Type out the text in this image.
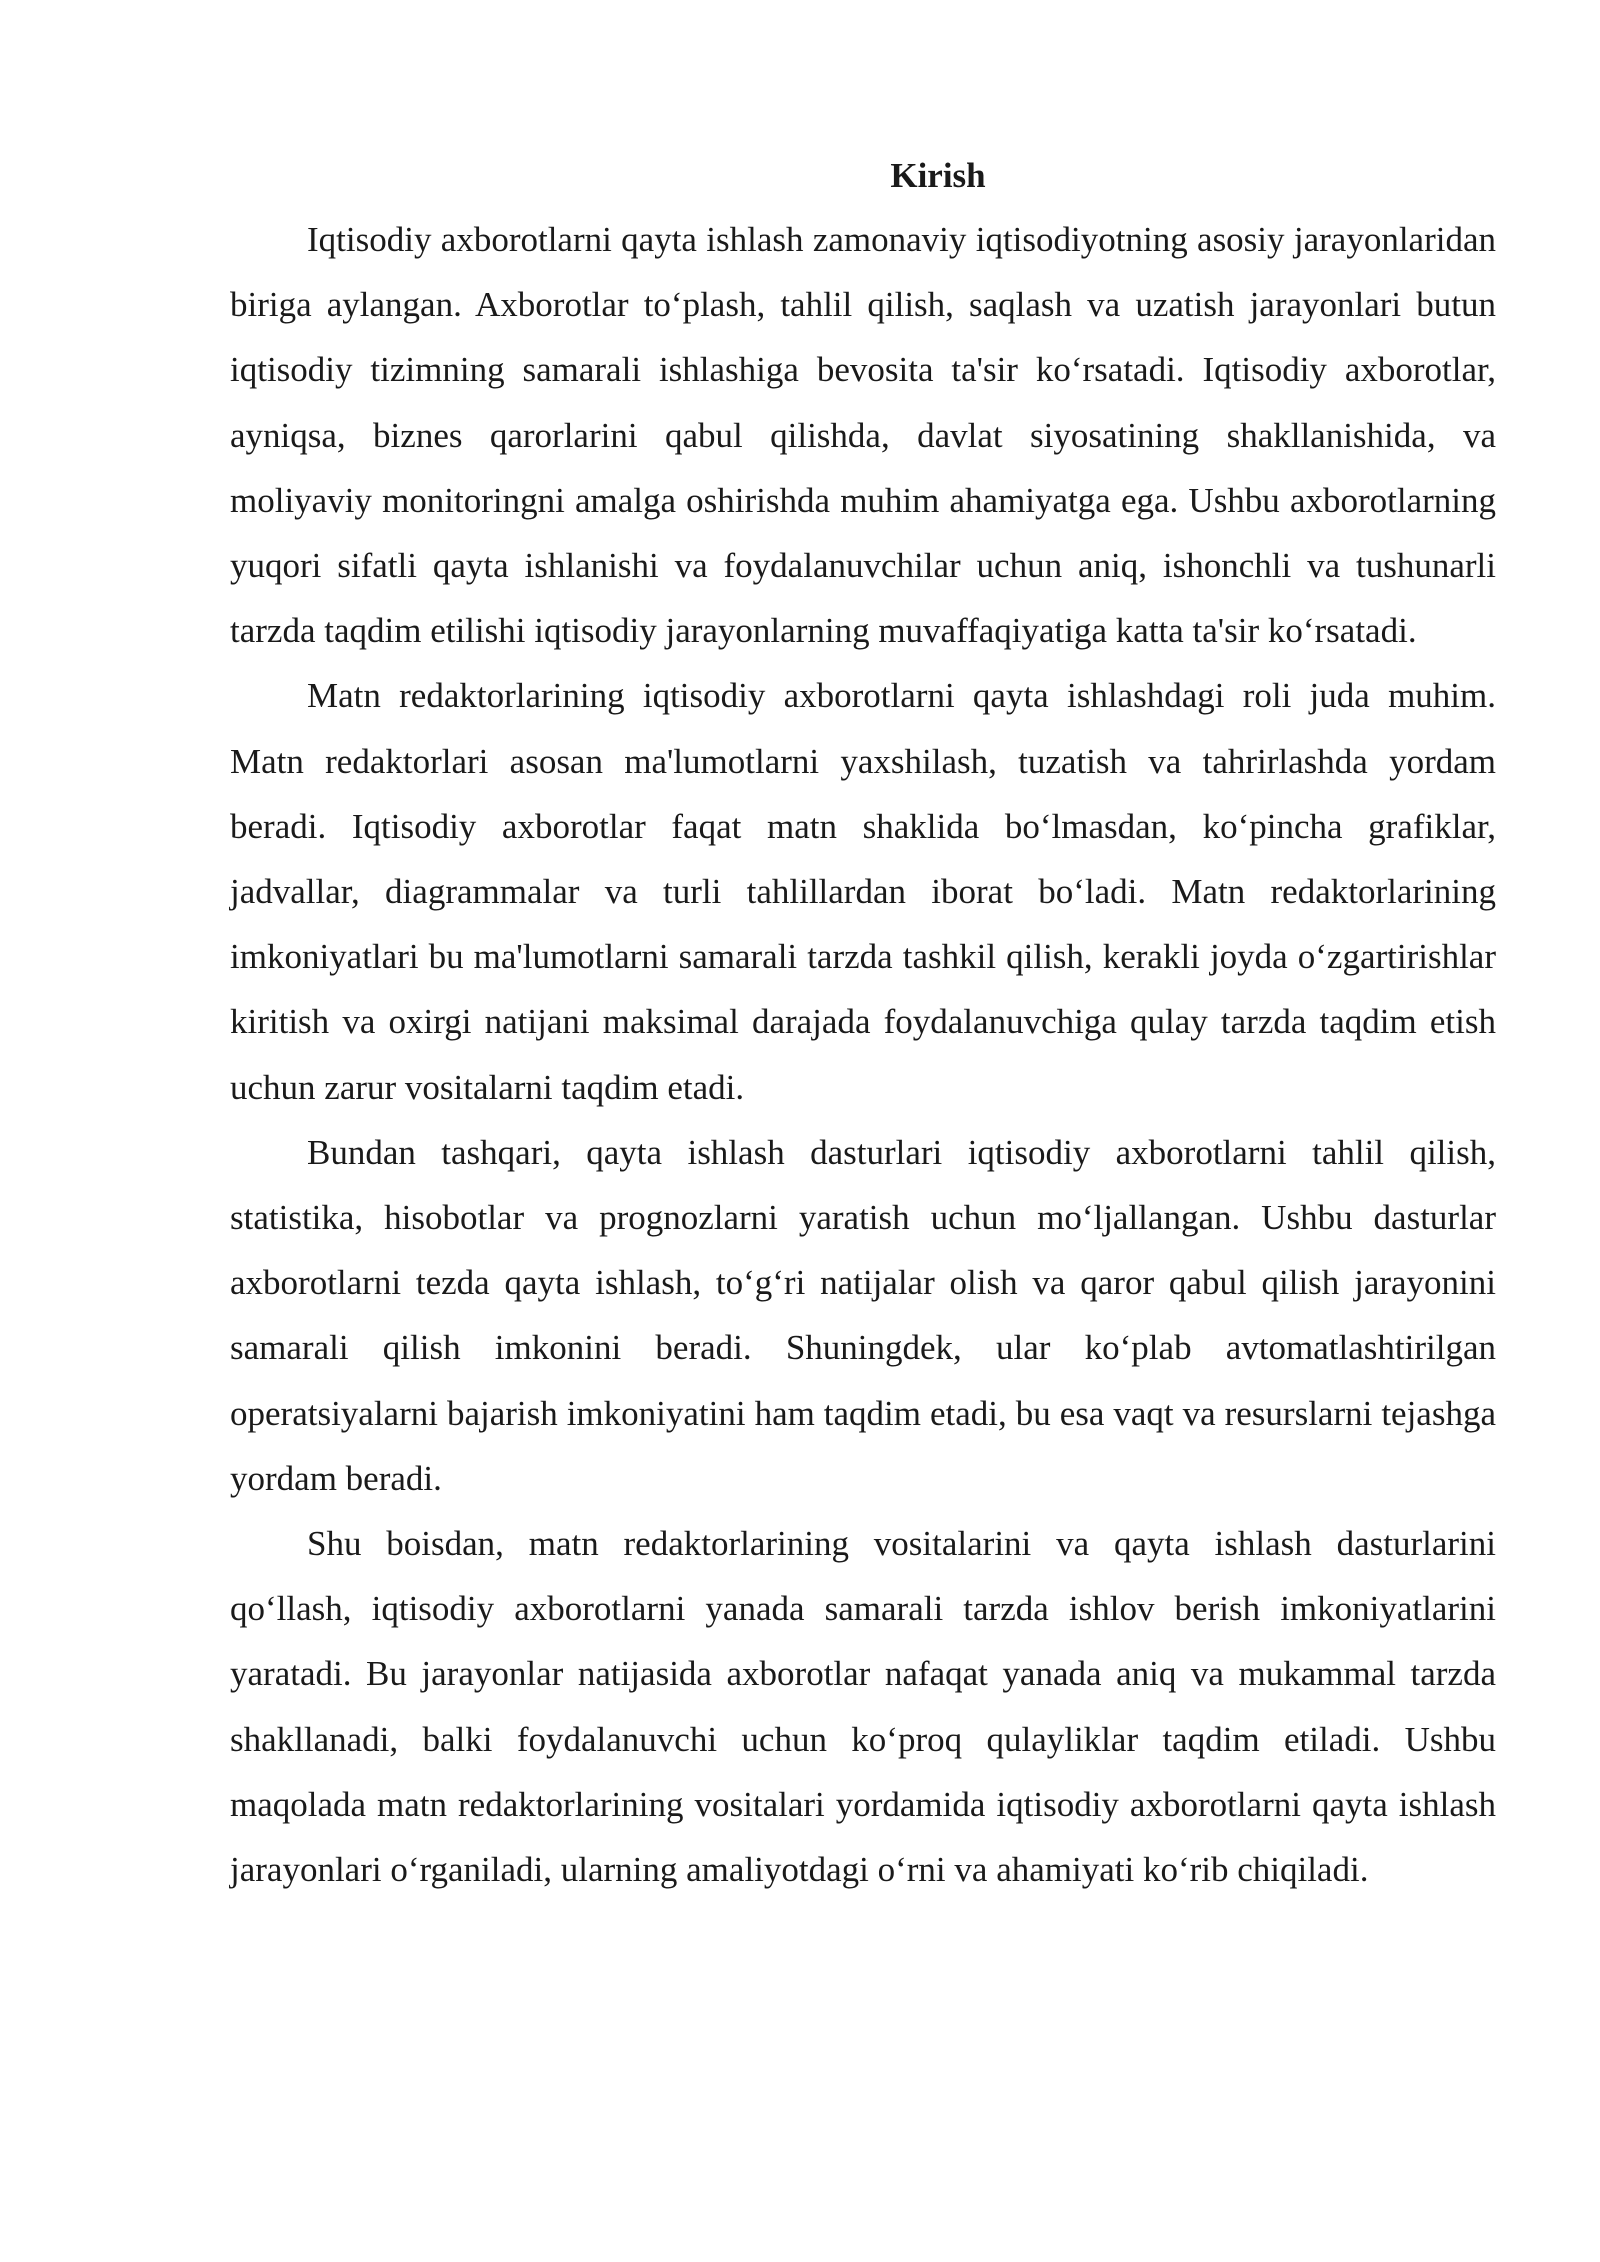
Kirish

Iqtisodiy axborotlarni qayta ishlash zamonaviy iqtisodiyotning asosiy jarayonlaridan biriga aylangan. Axborotlar to‘plash, tahlil qilish, saqlash va uzatish jarayonlari butun iqtisodiy tizimning samarali ishlashiga bevosita ta'sir ko‘rsatadi. Iqtisodiy axborotlar, ayniqsa, biznes qarorlarini qabul qilishda, davlat siyosatining shakllanishida, va moliyaviy monitoringni amalga oshirishda muhim ahamiyatga ega. Ushbu axborotlarning yuqori sifatli qayta ishlanishi va foydalanuvchilar uchun aniq, ishonchli va tushunarli tarzda taqdim etilishi iqtisodiy jarayonlarning muvaffaqiyatiga katta ta'sir ko‘rsatadi.

Matn redaktorlarining iqtisodiy axborotlarni qayta ishlashdagi roli juda muhim. Matn redaktorlari asosan ma'lumotlarni yaxshilash, tuzatish va tahrirlashda yordam beradi. Iqtisodiy axborotlar faqat matn shaklida bo‘lmasdan, ko‘pincha grafiklar, jadvallar, diagrammalar va turli tahlillardan iborat bo‘ladi. Matn redaktorlarining imkoniyatlari bu ma'lumotlarni samarali tarzda tashkil qilish, kerakli joyda o‘zgartirishlar kiritish va oxirgi natijani maksimal darajada foydalanuvchiga qulay tarzda taqdim etish uchun zarur vositalarni taqdim etadi.

Bundan tashqari, qayta ishlash dasturlari iqtisodiy axborotlarni tahlil qilish, statistika, hisobotlar va prognozlarni yaratish uchun mo‘ljallangan. Ushbu dasturlar axborotlarni tezda qayta ishlash, to‘g‘ri natijalar olish va qaror qabul qilish jarayonini samarali qilish imkonini beradi. Shuningdek, ular ko‘plab avtomatlashtirilgan operatsiyalarni bajarish imkoniyatini ham taqdim etadi, bu esa vaqt va resurslarni tejashga yordam beradi.

Shu boisdan, matn redaktorlarining vositalarini va qayta ishlash dasturlarini qo‘llash, iqtisodiy axborotlarni yanada samarali tarzda ishlov berish imkoniyatlarini yaratadi. Bu jarayonlar natijasida axborotlar nafaqat yanada aniq va mukammal tarzda shakllanadi, balki foydalanuvchi uchun ko‘proq qulayliklar taqdim etiladi. Ushbu maqolada matn redaktorlarining vositalari yordamida iqtisodiy axborotlarni qayta ishlash jarayonlari o‘rganiladi, ularning amaliyotdagi o‘rni va ahamiyati ko‘rib chiqiladi.
